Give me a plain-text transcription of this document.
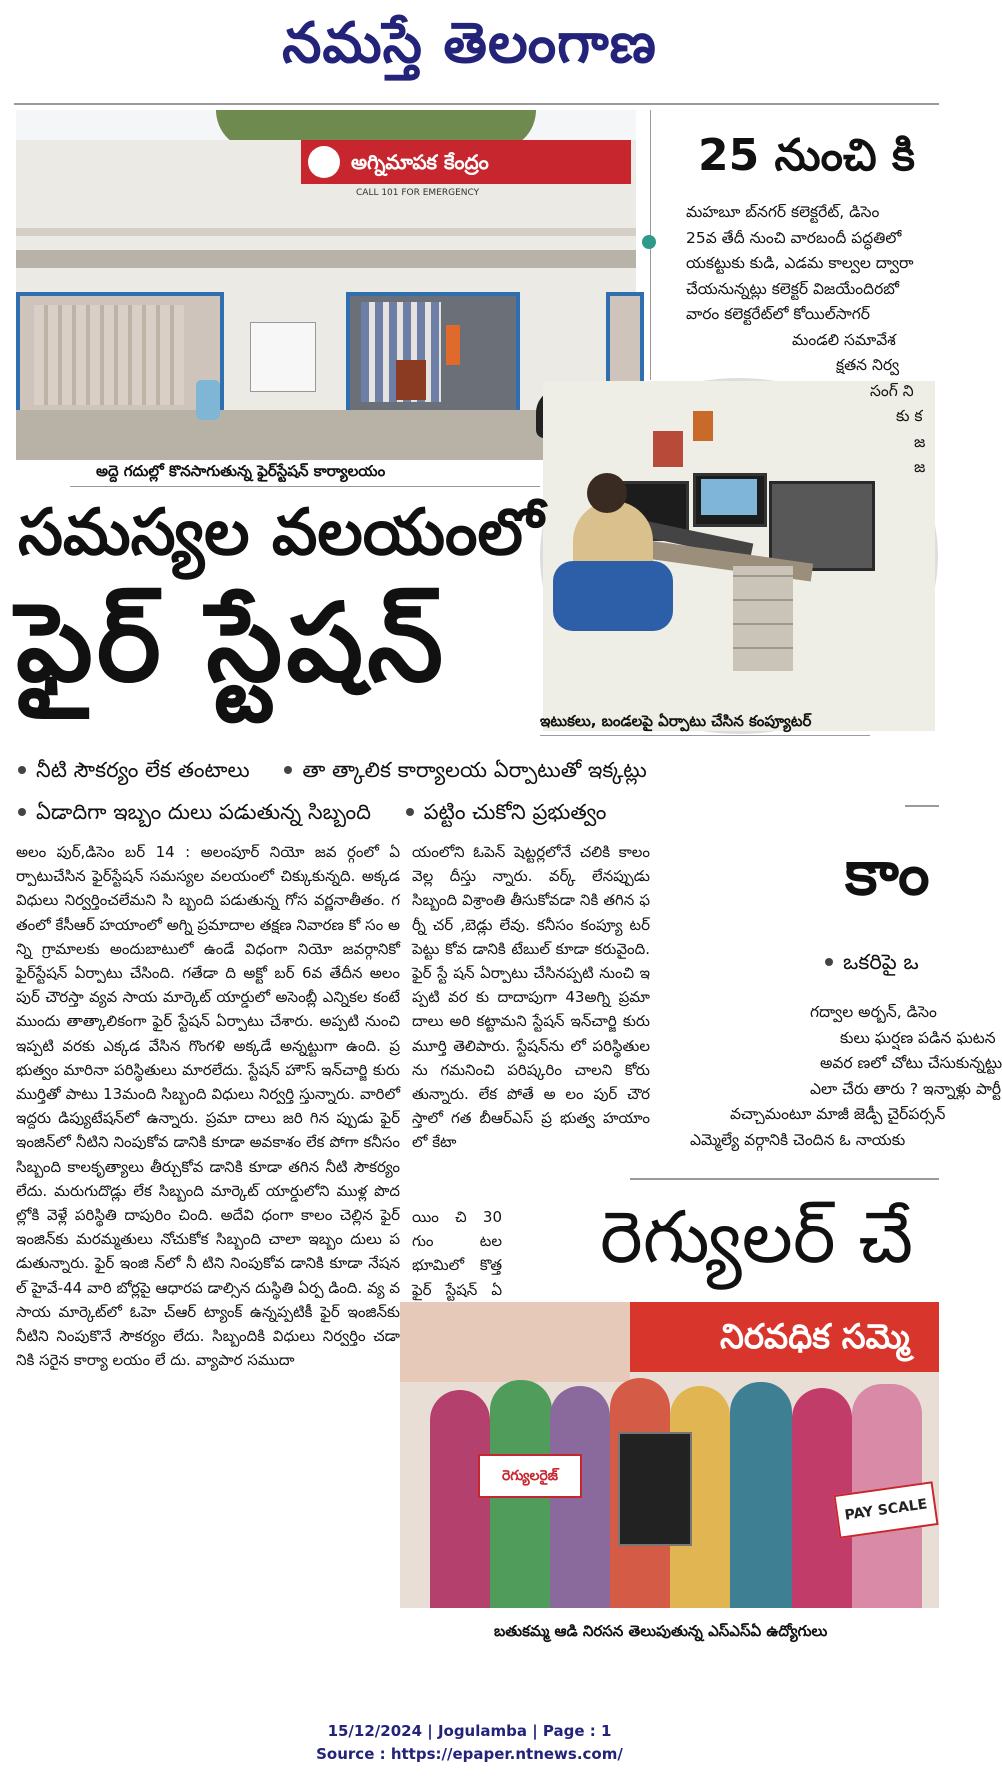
నమస్తే తెలంగాణ
అగ్నిమాపక కేంద్రం
CALL 101 FOR EMERGENCY
అద్దె గదుల్లో కొనసాగుతున్న ఫైర్‌స్టేషన్ కార్యాలయం
సమస్యల వలయంలో
ఫైర్ స్టేషన్
ఇటుకలు, బండలపై ఏర్పాటు చేసిన కంప్యూటర్
నీటి సౌకర్యం లేక తంటాలు	తా త్కాలిక కార్యాలయ ఏర్పాటుతో ఇక్కట్లు
ఏడాదిగా ఇబ్బం దులు పడుతున్న సిబ్బంది	పట్టిం చుకోని ప్రభుత్వం
అలం పుర్,డిసెం బర్ 14 : అలంపూర్ నియో జవ ర్గంలో ఏర్పాటుచేసిన ఫైర్‌స్టేషన్ సమస్యల వలయంలో చిక్కుకున్నది. అక్కడ విధులు నిర్వర్తించలేమని సి బ్బంది పడుతున్న గోస వర్ణనాతీతం. గతంలో కేసీఆర్ హయాంలో అగ్ని ప్రమాదాల తక్షణ నివారణ కో సం అన్ని గ్రామాలకు అందుబాటులో ఉండే విధంగా నియో జవర్గానికో ఫైర్‌స్టేషన్ ఏర్పాటు చేసింది. గతేడా ది అక్టో బర్ 6వ తేదీన అలం పుర్ చౌరస్తా వ్యవ సాయ మార్కెట్ యార్డులో అసెంబ్లీ ఎన్నికల కంటే ముందు తాత్కాలికంగా ఫైర్ స్టేషన్ ఏర్పాటు చేశారు. అప్పటి నుంచి ఇప్పటి వరకు ఎక్కడ వేసిన గొంగళి అక్కడే అన్నట్టుగా ఉంది. ప్రభుత్వం మారినా పరిస్థితులు మారలేదు. స్టేషన్ హౌస్ ఇన్‌చార్జి కురు ముర్తితో పాటు 13మంది సిబ్బంది విధులు నిర్వర్తి స్తున్నారు. వారిలో ఇద్దరు డిప్యుటేషన్‌లో ఉన్నారు. ప్రమా దాలు జరి గిన ప్పుడు ఫైర్ ఇంజిన్‌లో నీటిని నింపుకోవ డానికి కూడా అవకాశం లేక పోగా కనీసం సిబ్బంది కాలకృత్యాలు తీర్చుకోవ డానికి కూడా తగిన నీటి సౌకర్యం లేదు. మరుగుదొడ్లు లేక సిబ్బంది మార్కెట్ యార్డులోని ముళ్ల పొదల్లోకి వెళ్లే పరిస్థితి దాపురిం చింది. అదేవి ధంగా కాలం చెల్లిన ఫైర్ ఇంజిన్‌కు మరమ్మతులు నోచుకోక సిబ్బంది చాలా ఇబ్బం దులు పడుతున్నారు. ఫైర్ ఇంజి న్‌లో నీ టిని నింపుకోవ డానికి కూడా నేషనల్ హైవే-44 వారి బోర్లపై ఆధారప డాల్సిన దుస్థితి ఏర్ప డింది. వ్య వ సాయ మార్కెట్‌లో ఓహె చ్‌ఆర్ ట్యాంక్ ఉన్నప్పటికీ ఫైర్ ఇంజిన్‌కు నీటిని నింపుకొనే సౌకర్యం లేదు. సిబ్బందికి విధులు నిర్వర్తిం చడా నికి సరైన కార్యా లయం లే దు. వ్యాపార సముదా
యంలోని ఓపెన్ షెట్టర్లలోనే చలికి కాలం వెల్ల దీస్తు న్నారు. వర్క్ లేనప్పుడు సిబ్బంది విశ్రాంతి తీసుకోవడా నికి తగిన ఫర్నీ చర్ ,బెడ్లు లేవు. కనీసం కంప్యూ టర్ పెట్టు కోవ డానికి టేబుల్ కూడా కరువైంది. ఫైర్ స్టే షన్ ఏర్పాటు చేసినప్పటి నుంచి ఇప్పటి వర కు దాదాపుగా 43అగ్ని ప్రమా దాలు అరి కట్టామని స్టేషన్ ఇన్‌చార్జి కురు మూర్తి తెలిపారు. స్టేషన్‌ను లో పరిస్థితులను గమనించి పరిష్కరిం చాలని కోరు తున్నారు. లేక పోతే అ లం పుర్ చౌర స్తాలో గత బీఆర్ఎస్ ప్ర భుత్వ హయాం లో కేటా
యిం చి 30 గుం టల భూమిలో కొత్త ఫైర్ స్టేషన్ ఏ
25 నుంచి కి
మహబూ బ్‌నగర్ కలెక్టరేట్, డిసెం
25వ తేదీ నుంచి వారబందీ పద్ధతిలో
యకట్టుకు కుడి, ఎడమ కాల్వల ద్వారా
చేయనున్నట్లు కలెక్టర్ విజయేందిరబో
వారం కలెక్టరేట్‌లో కోయిల్‌సాగర్
మండలి సమావేశ
క్షతన నిర్వ
సంగ్ ని
కు క
జ
జ
కాం
ఒకరిపై ఒ
గద్వాల అర్బన్, డిసెం
కులు ఘర్షణ పడిన ఘటన
అవర ణలో చోటు చేసుకున్నట్టు
ఎలా చేరు తారు ? ఇన్నాళ్లు పార్టీ
వచ్చామంటూ మాజీ జెడ్పీ చైర్‌పర్సన్
ఎమ్మెల్యే వర్గానికి చెందిన ఓ నాయకు
రెగ్యులర్ చే
నిరవధిక సమ్మె
రెగ్యులరైజ్
PAY SCALE
బతుకమ్మ ఆడి నిరసన తెలుపుతున్న ఎస్‌ఎస్‌ఏ ఉద్యోగులు
15/12/2024 | Jogulamba | Page : 1
Source : https://epaper.ntnews.com/
